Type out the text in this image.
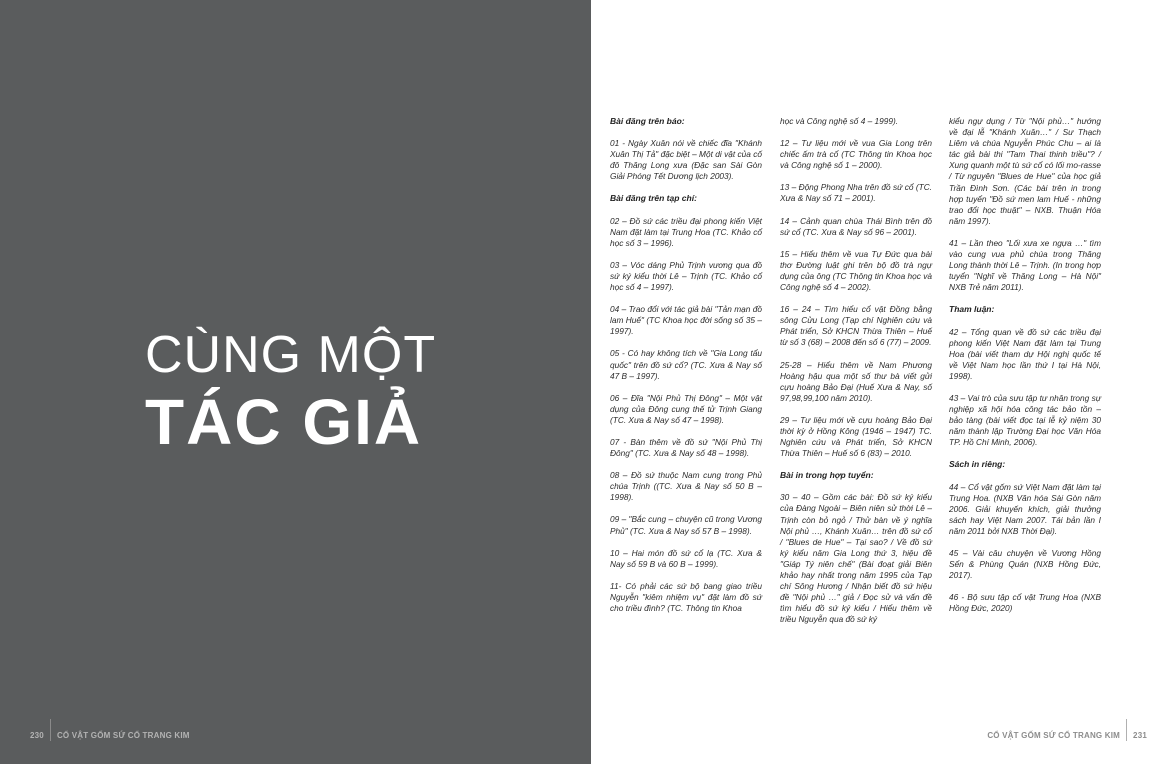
CÙNG MỘT
TÁC GIẢ
230 CỔ VẬT GỐM SỨ CỔ TRANG KIM
Bài đăng trên báo:

01 - Ngày Xuân nói về chiếc đĩa "Khánh Xuân Thị Tả" đặc biệt – Một di vật của cố đô Thăng Long xưa (Đặc san Sài Gòn Giải Phóng Tết Dương lịch 2003).

Bài đăng trên tạp chí:

02 – Đồ sứ các triều đại phong kiến Việt Nam đặt làm tại Trung Hoa (TC. Khảo cổ học số 3 – 1996).

03 – Vóc dáng Phủ Trịnh vương qua đồ sứ ký kiểu thời Lê – Trịnh (TC. Khảo cổ học số 4 – 1997).

04 – Trao đổi với tác giả bài "Tản mạn đồ lam Huế" (TC Khoa học đời sống số 35 – 1997).

05 - Có hay không tích về "Gia Long tẩu quốc" trên đồ sứ cổ? (TC. Xưa & Nay số 47 B – 1997).

06 – Đĩa "Nội Phủ Thị Đông" – Một vật dụng của Đông cung thế tử Trịnh Giang (TC. Xưa & Nay số 47 – 1998).

07 - Bàn thêm về đồ sứ "Nội Phủ Thị Đông" (TC. Xưa & Nay số 48 – 1998).

08 – Đồ sứ thuộc Nam cung trong Phủ chúa Trịnh ((TC. Xưa & Nay số 50 B – 1998).

09 – "Bắc cung – chuyện cũ trong Vương Phủ" (TC. Xưa & Nay số 57 B – 1998).

10 – Hai món đồ sứ cổ lạ (TC. Xưa & Nay số 59 B và 60 B – 1999).

11- Có phải các sứ bộ bang giao triều Nguyễn "kiêm nhiệm vụ" đặt làm đồ sứ cho triều đình? (TC. Thông tin Khoa

học và Công nghệ số 4 – 1999).

12 – Tư liệu mới về vua Gia Long trên chiếc ấm trà cổ (TC Thông tin Khoa học và Công nghệ số 1 – 2000).

13 – Động Phong Nha trên đồ sứ cổ (TC. Xưa & Nay số 71 – 2001).

14 – Cảnh quan chùa Thái Bình trên đồ sứ cổ (TC. Xưa & Nay số 96 – 2001).

15 – Hiểu thêm về vua Tự Đức qua bài thơ Đường luật ghi trên bộ đồ trà ngự dụng của ông (TC Thông tin Khoa học và Công nghệ số 4 – 2002).

16 – 24 – Tìm hiểu cổ vật Đồng bằng sông Cửu Long (Tạp chí Nghiên cứu và Phát triển, Sở KHCN Thừa Thiên – Huế từ số 3 (68) – 2008 đến số 6 (77) – 2009.

25-28 – Hiểu thêm về Nam Phương Hoàng hậu qua một số thư bà viết gửi cựu hoàng Bảo Đại (Huế Xưa & Nay, số 97,98,99,100 năm 2010).

29 – Tư liệu mới về cựu hoàng Bảo Đại thời kỳ ở Hồng Kông (1946 – 1947) TC. Nghiên cứu và Phát triển, Sở KHCN Thừa Thiên – Huế số 6 (83) – 2010.

Bài in trong hợp tuyển:

30 – 40 – Gồm các bài: Đồ sứ ký kiểu của Đàng Ngoài – Biên niên sử thời Lê – Trịnh còn bỏ ngỏ / Thử bàn về ý nghĩa Nội phủ …, Khánh Xuân… trên đồ sứ cổ / "Blues de Hue" – Tại sao? / Về đồ sứ ký kiểu năm Gia Long thứ 3, hiệu đề "Giáp Tý niên chế" (Bài đoạt giải Biên khảo hay nhất trong năm 1995 của Tạp chí Sông Hương / Nhận biết đồ sứ hiệu đề "Nội phủ …" giả / Đọc sử và vấn đề tìm hiểu đồ sứ ký kiểu / Hiểu thêm về triều Nguyễn qua đồ sứ ký

kiểu ngự dụng / Từ "Nội phủ…" hướng về đại lễ "Khánh Xuân…" / Sư Thạch Liêm và chúa Nguyễn Phúc Chu – ai là tác giả bài thi "Tam Thai thinh triều"? / Xung quanh một tù sứ cổ có lối mo-rasse / Từ nguyên "Blues de Hue" của học giả Trần Đình Sơn. (Các bài trên in trong hợp tuyển "Đồ sứ men lam Huế - những trao đổi học thuật" – NXB. Thuận Hóa năm 1997).

41 – Lần theo "Lối xưa xe ngựa …" tìm vào cung vua phủ chúa trong Thăng Long thành thời Lê – Trịnh. (In trong hợp tuyển "Nghĩ về Thăng Long – Hà Nội" NXB Trẻ năm 2011).

Tham luận:

42 – Tổng quan về đồ sứ các triều đại phong kiến Việt Nam đặt làm tại Trung Hoa (bài viết tham dự Hội nghị quốc tế về Việt Nam học lần thứ I tại Hà Nội, 1998).

43 – Vai trò của sưu tập tư nhân trong sự nghiệp xã hội hóa công tác bảo tồn – bảo tàng (bài viết đọc tại lễ kỷ niệm 30 năm thành lập Trường Đại học Văn Hóa TP. Hồ Chí Minh, 2006).

Sách in riêng:

44 – Cổ vật gốm sứ Việt Nam đặt làm tại Trung Hoa. (NXB Văn hóa Sài Gòn năm 2006. Giải khuyến khích, giải thưởng sách hay Việt Nam 2007. Tái bản lần I năm 2011 bởi NXB Thời Đại).

45 – Vài câu chuyện về Vương Hồng Sển & Phùng Quán (NXB Hồng Đức, 2017).

46 - Bộ sưu tập cổ vật Trung Hoa (NXB Hồng Đức, 2020)

CỔ VẬT GỐM SỨ CỔ TRANG KIM 231
